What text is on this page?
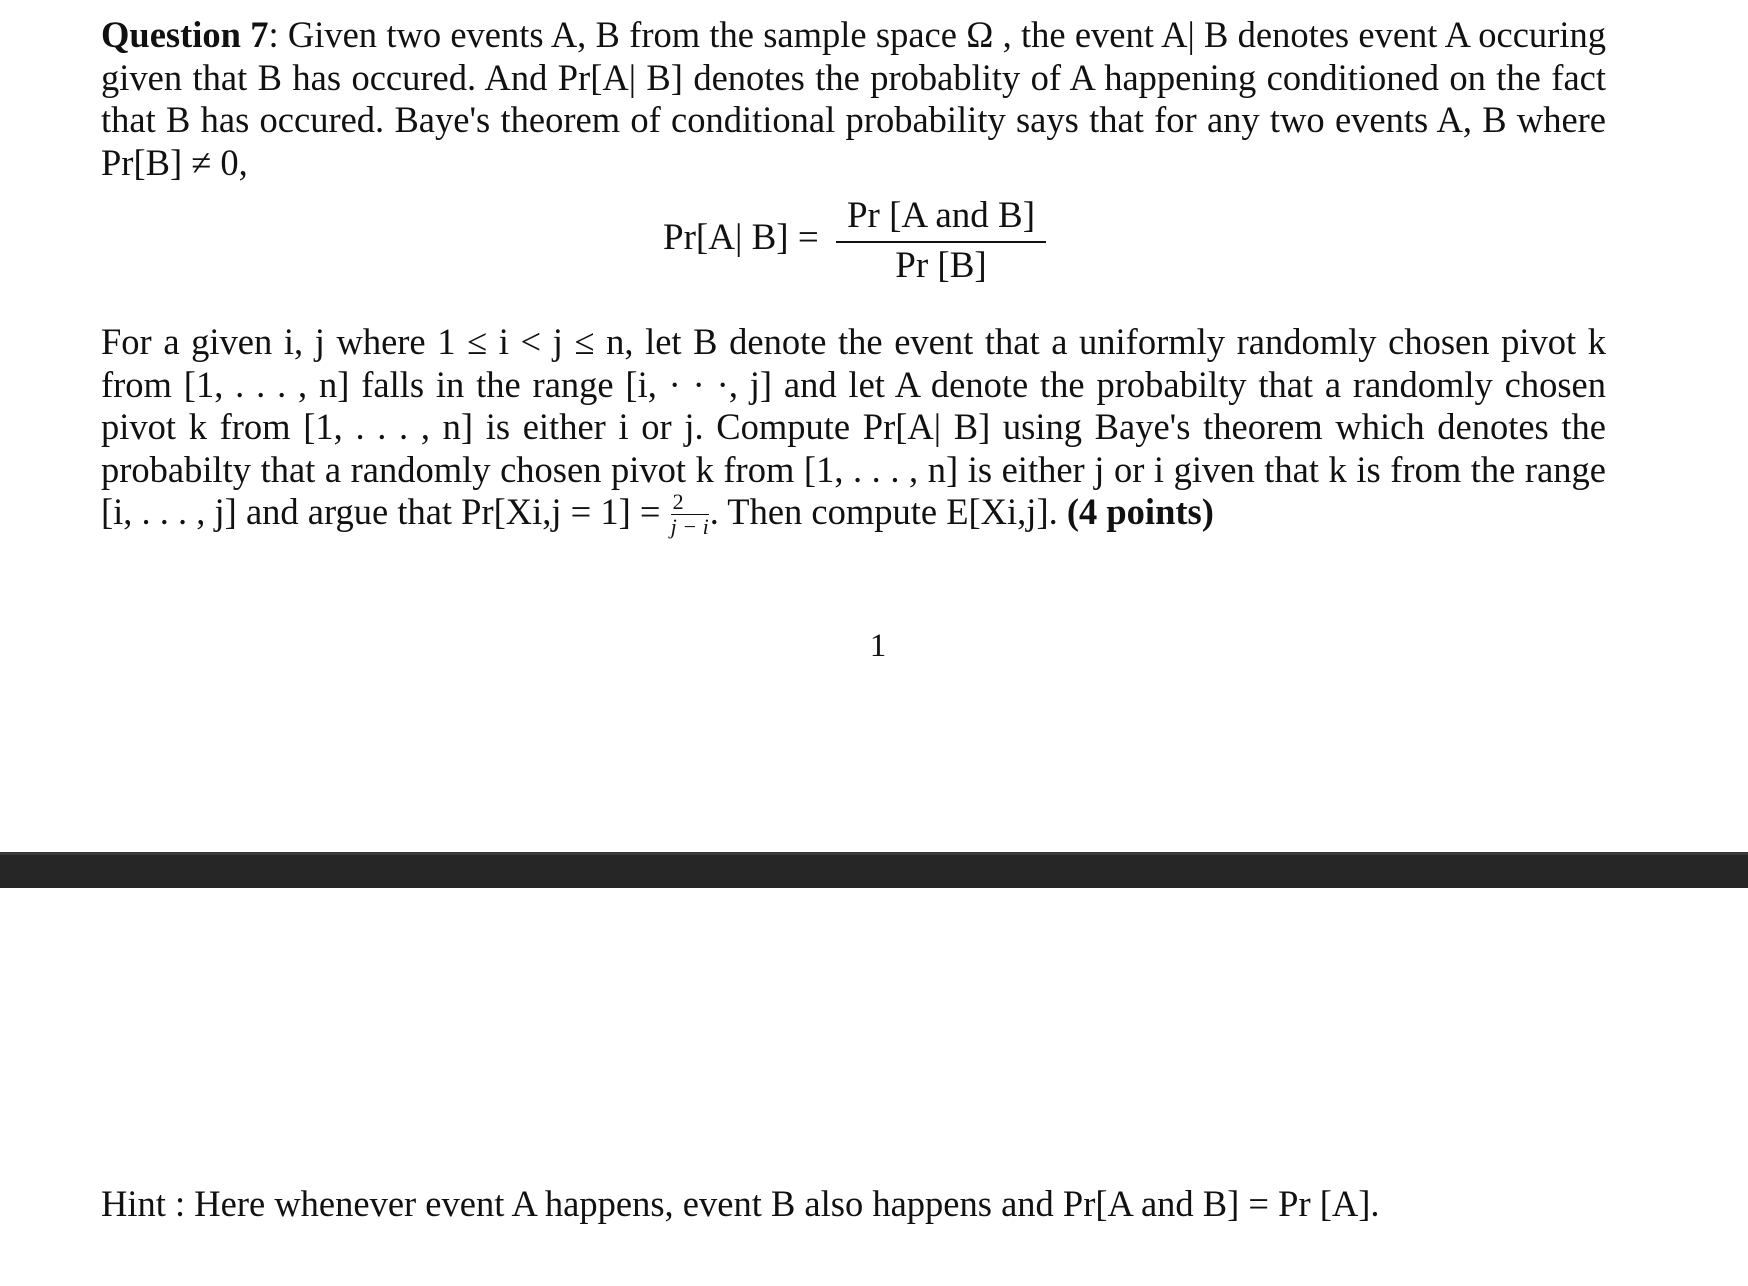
Question 7: Given two events A, B from the sample space Ω , the event A| B denotes event A occuring given that B has occured. And Pr[A| B] denotes the probablity of A happening conditioned on the fact that B has occured. Baye's theorem of conditional probability says that for any two events A, B where Pr[B] ≠ 0,
Pr[A| B] =
Pr [A and B]
Pr [B]
For a given i, j where 1 ≤ i < j ≤ n, let B denote the event that a uniformly randomly chosen pivot k from [1, . . . , n] falls in the range [i, · · ·, j] and let A denote the probabilty that a randomly chosen pivot k from [1, . . . , n] is either i or j. Compute Pr[A| B] using Baye's theorem which denotes the probabilty that a randomly chosen pivot k from [1, . . . , n] is either j or i given that k is from the range [i, . . . , j] and argue that $Pr[Xi,j = 1] = \frac{2}{j - i}$ . Then compute E[Xi,j]. (4 points)
1
Hint : Here whenever event A happens, event B also happens and Pr[A and B] = Pr [A].
